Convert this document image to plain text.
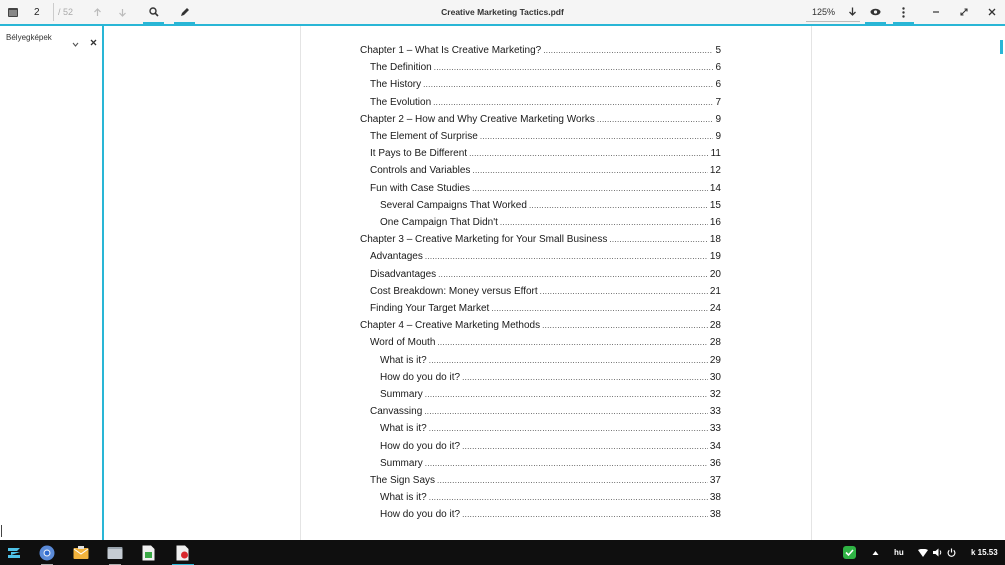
2
/ 52	Creative Marketing Tactics.pdf	125%
Bélyegképek
Chapter 1 – What Is Creative Marketing? .....	5
The Definition .....	6
The History .....	6
The Evolution .....	7
Chapter 2 – How and Why Creative Marketing Works .....	9
The Element of Surprise .....	9
It Pays to Be Different .....	11
Controls and Variables .....	12
Fun with Case Studies .....	14
Several Campaigns That Worked .....	15
One Campaign That Didn't .....	16
Chapter 3 – Creative Marketing for Your Small Business .....	18
Advantages .....	19
Disadvantages .....	20
Cost Breakdown: Money versus Effort .....	21
Finding Your Target Market .....	24
Chapter 4 – Creative Marketing Methods .....	28
Word of Mouth .....	28
What is it? .....	29
How do you do it? .....	30
Summary .....	32
Canvassing .....	33
What is it? .....	33
How do you do it? .....	34
Summary .....	36
The Sign Says .....	37
What is it? .....	38
How do you do it? .....	38
hu	k 15.53
